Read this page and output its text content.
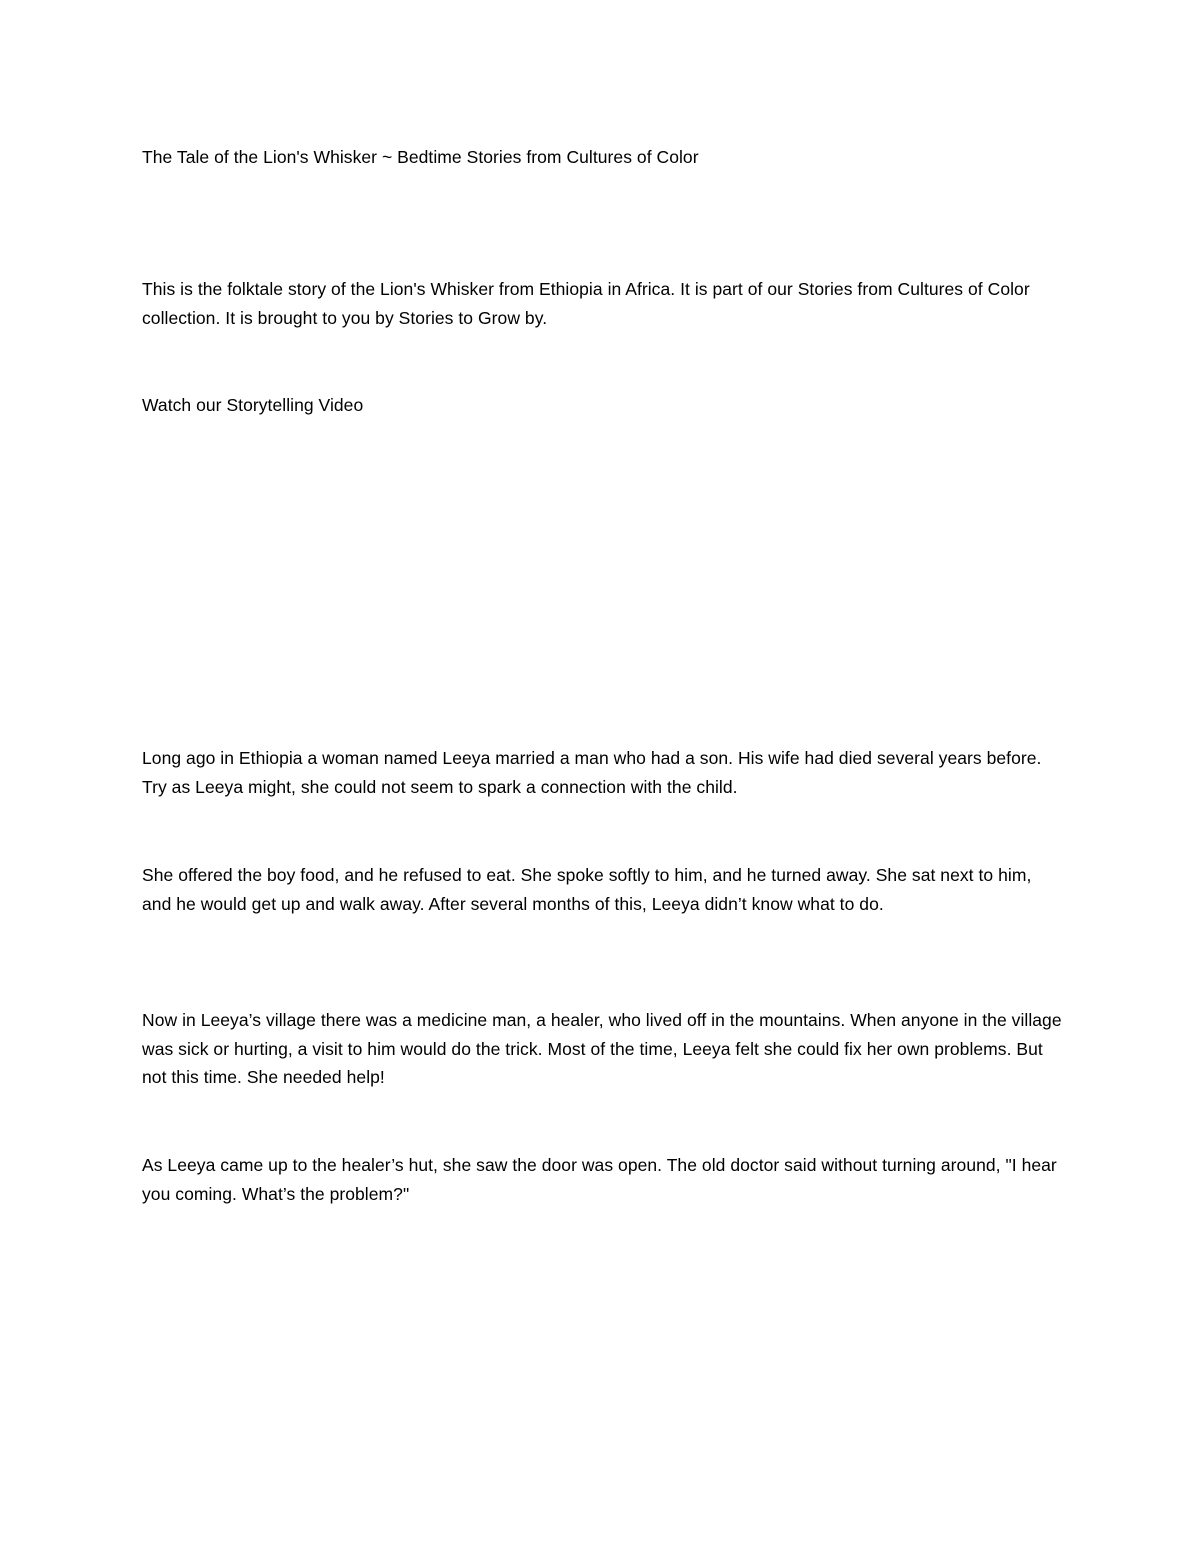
The Tale of the Lion's Whisker ~ Bedtime Stories from Cultures of Color

This is the folktale story of the Lion's Whisker from Ethiopia in Africa. It is part of our Stories from Cultures of Color collection. It is brought to you by Stories to Grow by.

Watch our Storytelling Video

Long ago in Ethiopia a woman named Leeya married a man who had a son. His wife had died several years before. Try as Leeya might, she could not seem to spark a connection with the child.

She offered the boy food, and he refused to eat. She spoke softly to him, and he turned away. She sat next to him, and he would get up and walk away. After several months of this, Leeya didn’t know what to do.

Now in Leeya’s village there was a medicine man, a healer, who lived off in the mountains. When anyone in the village was sick or hurting, a visit to him would do the trick. Most of the time, Leeya felt she could fix her own problems. But not this time. She needed help!

As Leeya came up to the healer’s hut, she saw the door was open. The old doctor said without turning around, "I hear you coming. What’s the problem?"
